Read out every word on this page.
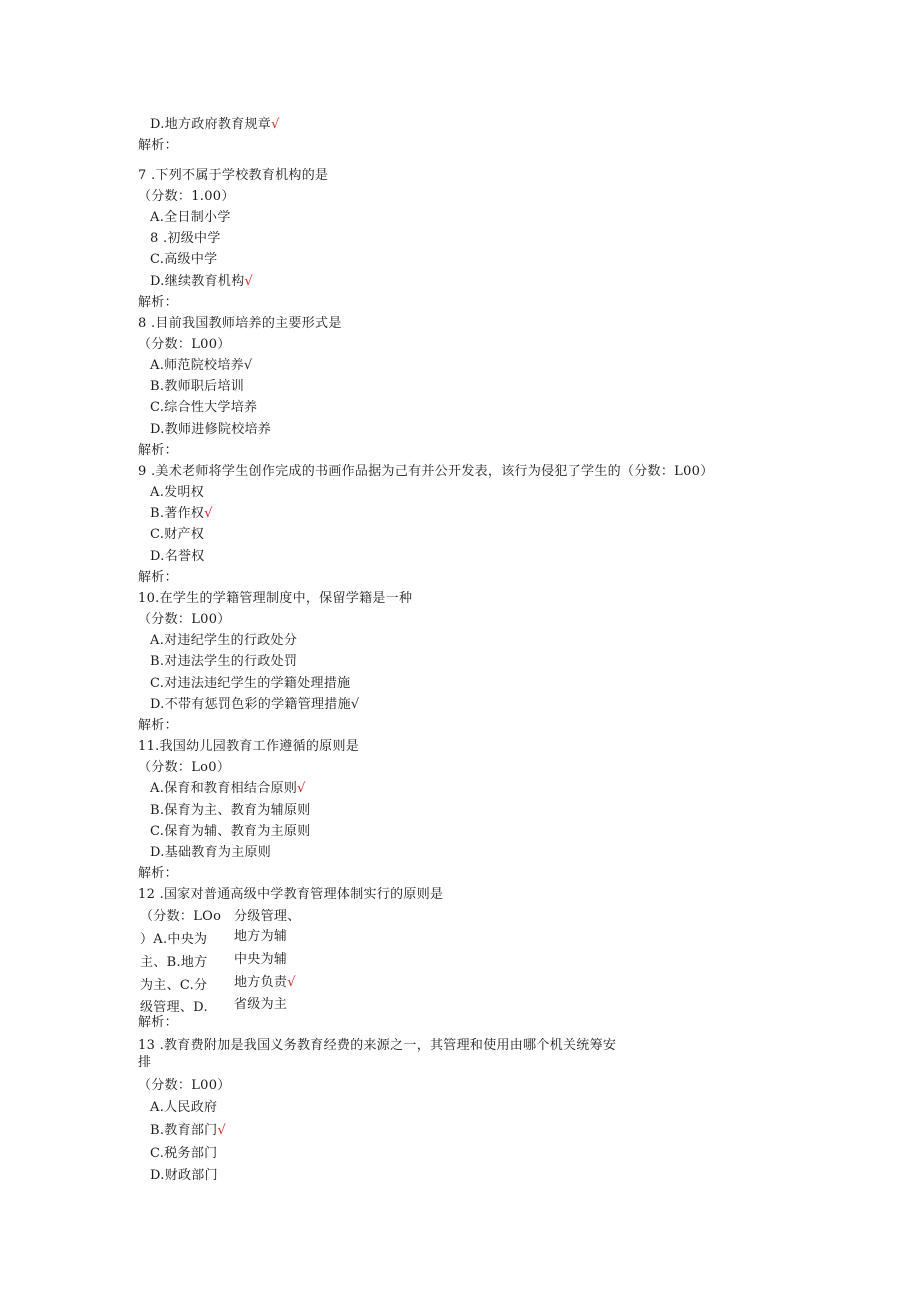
D.地方政府教育规章√
解析：
7 .下列不属于学校教育机构的是
（分数：1.00）
A.全日制小学
8 .初级中学
C.高级中学
D.继续教育机构√
解析：
8 .目前我国教师培养的主要形式是
（分数：L00）
A.师范院校培养√
B.教师职后培训
C.综合性大学培养
D.教师进修院校培养
解析：
9 .美术老师将学生创作完成的书画作品据为己有并公开发表，该行为侵犯了学生的（分数：L00）
A.发明权
B.著作权√
C.财产权
D.名誉权
解析：
10.在学生的学籍管理制度中，保留学籍是一种
（分数：L00）
A.对违纪学生的行政处分
B.对违法学生的行政处罚
C.对违法违纪学生的学籍处理措施
D.不带有惩罚色彩的学籍管理措施√
解析：
11.我国幼儿园教育工作遵循的原则是
（分数：Lo0）
A.保育和教育相结合原则√
B.保育为主、教育为辅原则
C.保育为辅、教育为主原则
D.基础教育为主原则
解析：
12 .国家对普通高级中学教育管理体制实行的原则是
解析：
13 .教育费附加是我国义务教育经费的来源之一，其管理和使用由哪个机关统筹安
排
（分数：L00）
A.人民政府
B.教育部门√
C.税务部门
D.财政部门
（分数：LOo
）A.中央为
主、B.地方
为主、C.分
级管理、D.
分级管理、
地方为辅
中央为辅
地方负责√
省级为主
